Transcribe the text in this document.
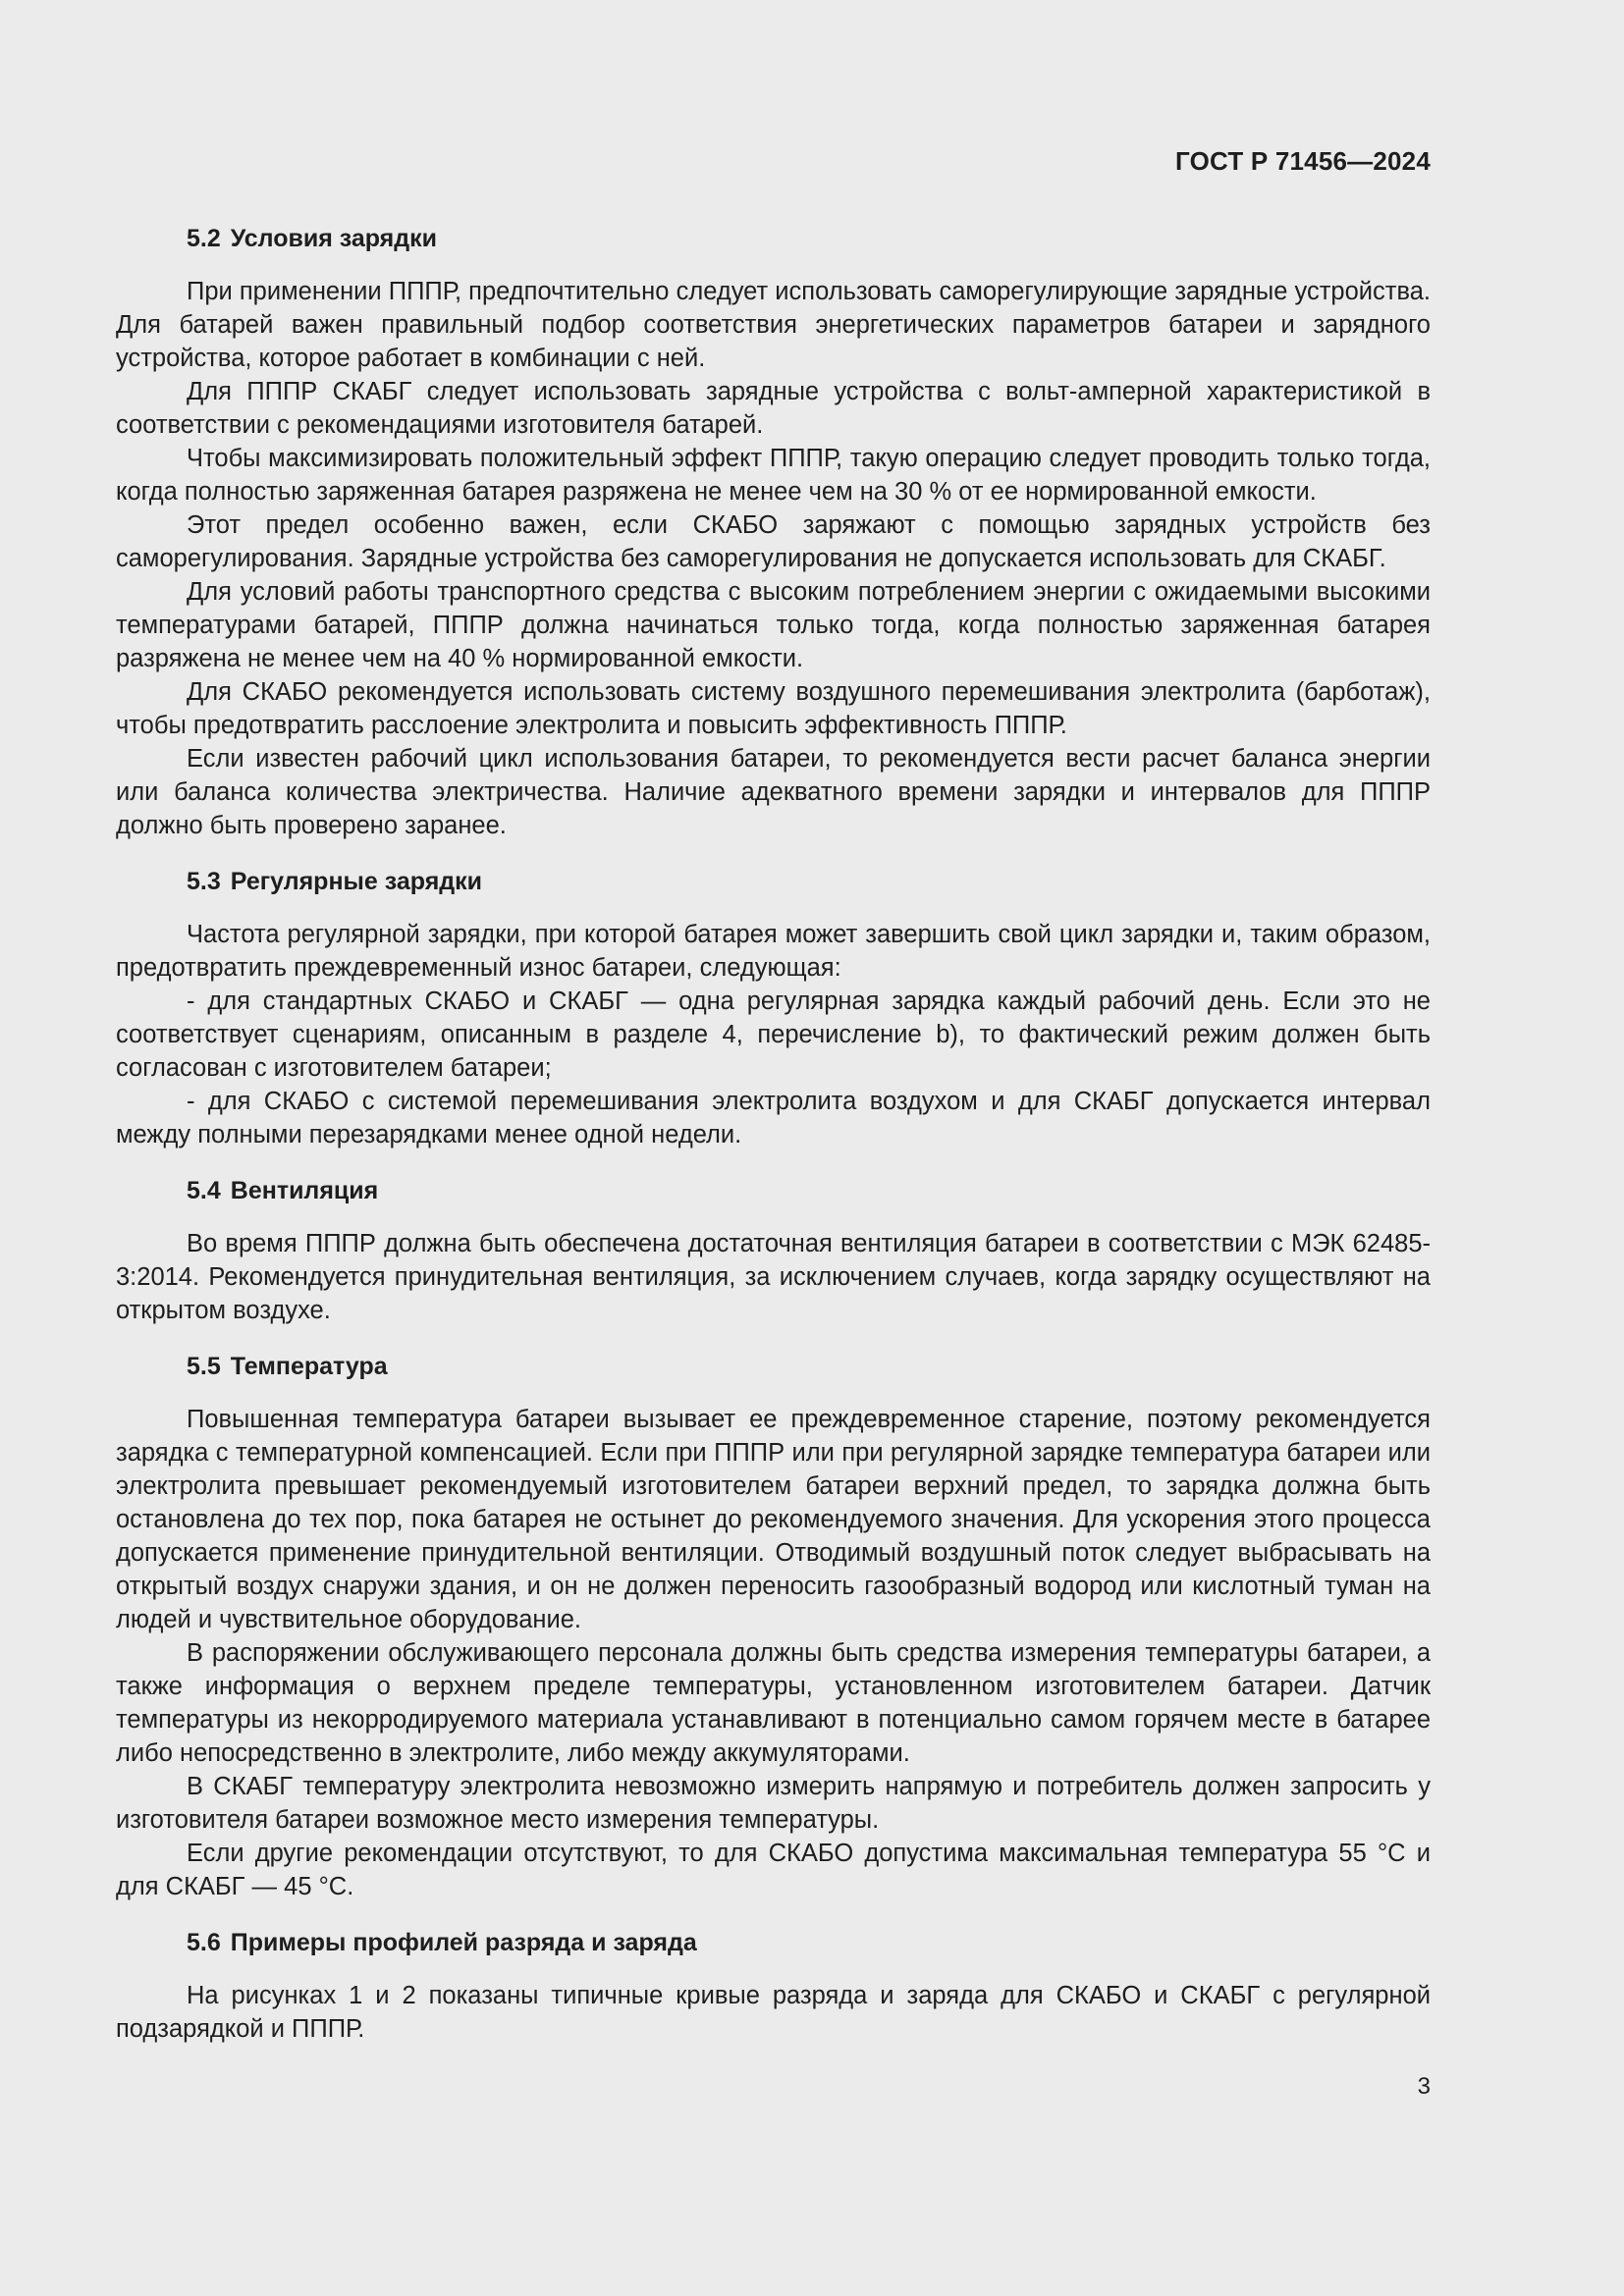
ГОСТ Р 71456—2024
5.2 Условия зарядки

При применении ПППР, предпочтительно следует использовать саморегулирующие зарядные устройства. Для батарей важен правильный подбор соответствия энергетических параметров батареи и зарядного устройства, которое работает в комбинации с ней.

Для ПППР СКАБГ следует использовать зарядные устройства с вольт-амперной характеристикой в соответствии с рекомендациями изготовителя батарей.

Чтобы максимизировать положительный эффект ПППР, такую операцию следует проводить только тогда, когда полностью заряженная батарея разряжена не менее чем на 30 % от ее нормированной емкости.

Этот предел особенно важен, если СКАБО заряжают с помощью зарядных устройств без саморегулирования. Зарядные устройства без саморегулирования не допускается использовать для СКАБГ.

Для условий работы транспортного средства с высоким потреблением энергии с ожидаемыми высокими температурами батарей, ПППР должна начинаться только тогда, когда полностью заряженная батарея разряжена не менее чем на 40 % нормированной емкости.

Для СКАБО рекомендуется использовать систему воздушного перемешивания электролита (барботаж), чтобы предотвратить расслоение электролита и повысить эффективность ПППР.

Если известен рабочий цикл использования батареи, то рекомендуется вести расчет баланса энергии или баланса количества электричества. Наличие адекватного времени зарядки и интервалов для ПППР должно быть проверено заранее.

5.3 Регулярные зарядки

Частота регулярной зарядки, при которой батарея может завершить свой цикл зарядки и, таким образом, предотвратить преждевременный износ батареи, следующая:

- для стандартных СКАБО и СКАБГ — одна регулярная зарядка каждый рабочий день. Если это не соответствует сценариям, описанным в разделе 4, перечисление b), то фактический режим должен быть согласован с изготовителем батареи;

- для СКАБО с системой перемешивания электролита воздухом и для СКАБГ допускается интервал между полными перезарядками менее одной недели.

5.4 Вентиляция

Во время ПППР должна быть обеспечена достаточная вентиляция батареи в соответствии с МЭК 62485-3:2014. Рекомендуется принудительная вентиляция, за исключением случаев, когда зарядку осуществляют на открытом воздухе.

5.5 Температура

Повышенная температура батареи вызывает ее преждевременное старение, поэтому рекомендуется зарядка с температурной компенсацией. Если при ПППР или при регулярной зарядке температура батареи или электролита превышает рекомендуемый изготовителем батареи верхний предел, то зарядка должна быть остановлена до тех пор, пока батарея не остынет до рекомендуемого значения. Для ускорения этого процесса допускается применение принудительной вентиляции. Отводимый воздушный поток следует выбрасывать на открытый воздух снаружи здания, и он не должен переносить газообразный водород или кислотный туман на людей и чувствительное оборудование.

В распоряжении обслуживающего персонала должны быть средства измерения температуры батареи, а также информация о верхнем пределе температуры, установленном изготовителем батареи. Датчик температуры из некорродируемого материала устанавливают в потенциально самом горячем месте в батарее либо непосредственно в электролите, либо между аккумуляторами.

В СКАБГ температуру электролита невозможно измерить напрямую и потребитель должен запросить у изготовителя батареи возможное место измерения температуры.

Если другие рекомендации отсутствуют, то для СКАБО допустима максимальная температура 55 °С и для СКАБГ — 45 °С.

5.6 Примеры профилей разряда и заряда

На рисунках 1 и 2 показаны типичные кривые разряда и заряда для СКАБО и СКАБГ с регулярной подзарядкой и ПППР.

3
